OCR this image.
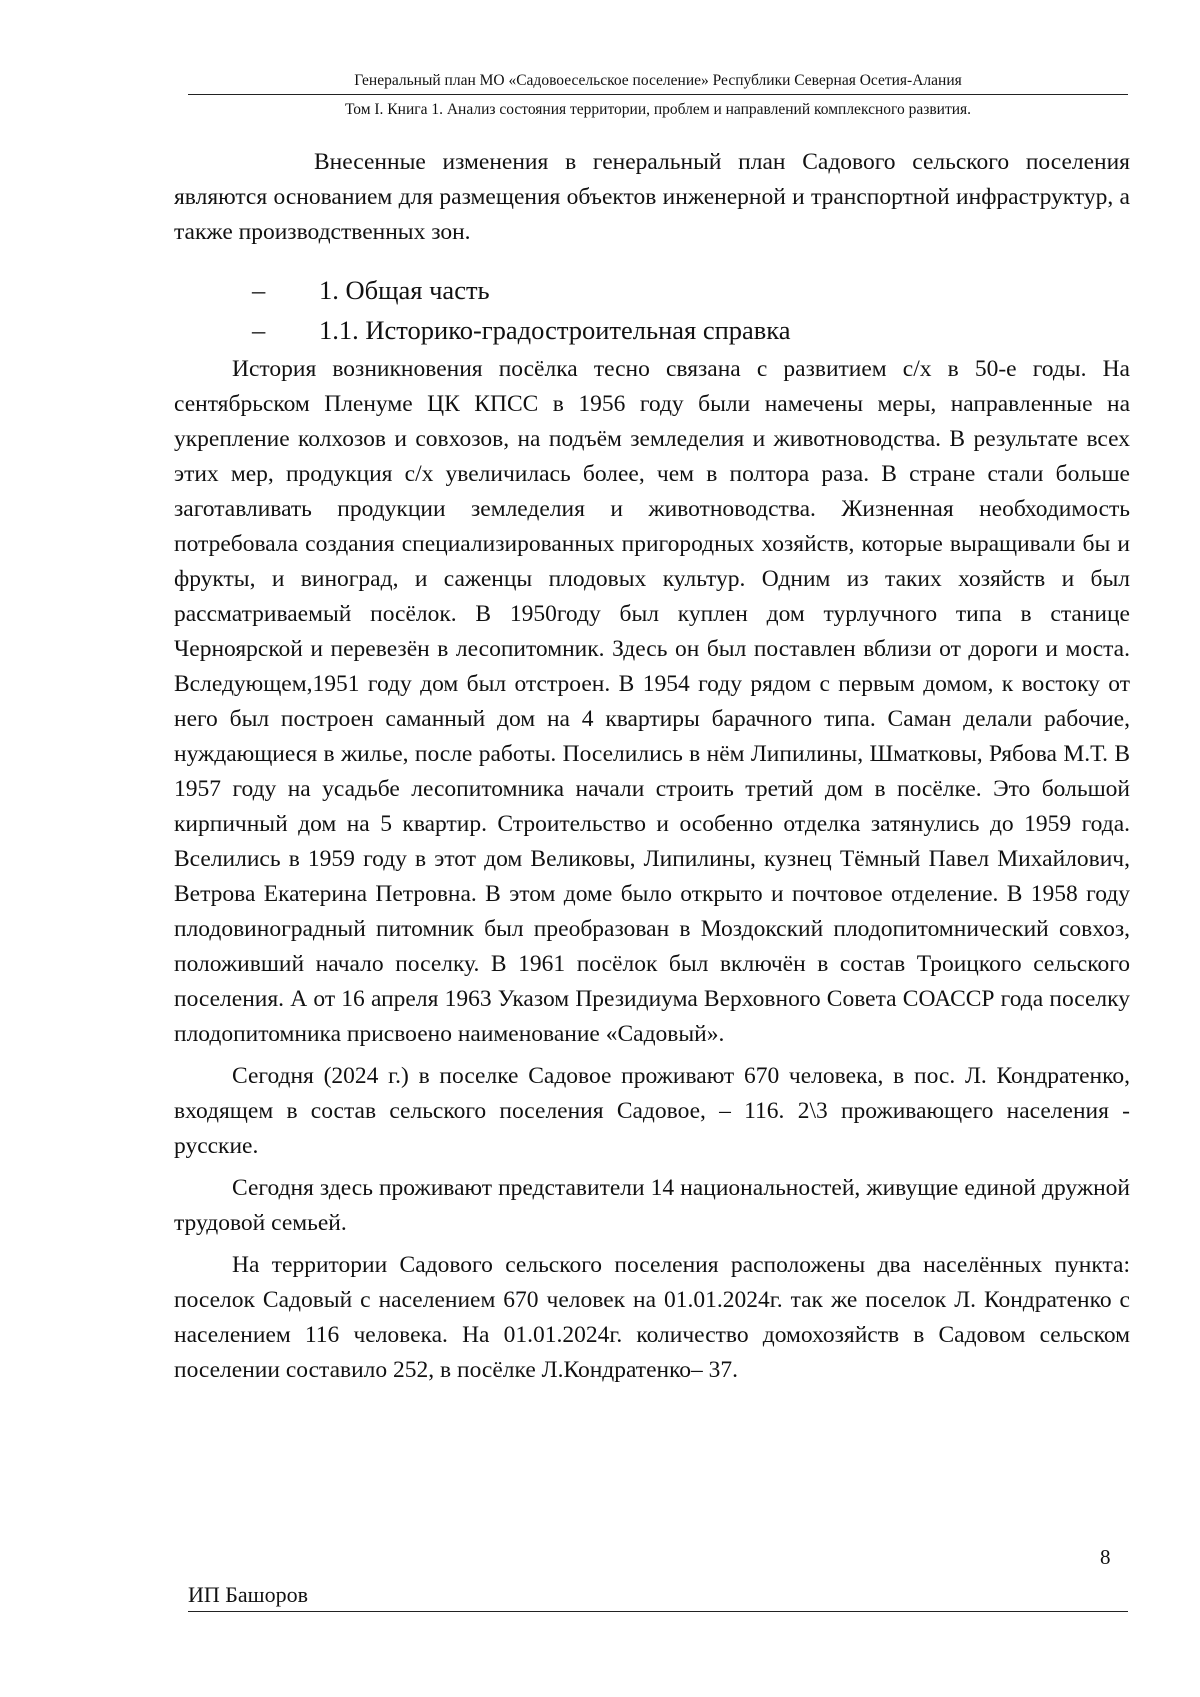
Генеральный план МО «Садовоесельское поселение» Республики Северная Осетия-Алания
Том I. Книга 1. Анализ состояния территории, проблем и направлений комплексного развития.

Внесенные изменения в генеральный план Садового сельского поселения являются основанием для размещения объектов инженерной и транспортной инфраструктур, а также производственных зон.

– 1. Общая часть
– 1.1. Историко-градостроительная справка

История возникновения посёлка тесно связана с развитием с/х в 50-е годы. На сентябрьском Пленуме ЦК КПСС в 1956 году были намечены меры, направленные на укрепление колхозов и совхозов, на подъём земледелия и животноводства. В результате всех этих мер, продукция с/х увеличилась более, чем в полтора раза. В стране стали больше заготавливать продукции земледелия и животноводства. Жизненная необходимость потребовала создания специализированных пригородных хозяйств, которые выращивали бы и фрукты, и виноград, и саженцы плодовых культур. Одним из таких хозяйств и был рассматриваемый посёлок. В 1950году был куплен дом турлучного типа в станице Черноярской и перевезён в лесопитомник. Здесь он был поставлен вблизи от дороги и моста. Вследующем,1951 году дом был отстроен. В 1954 году рядом с первым домом, к востоку от него был построен саманный дом на 4 квартиры барачного типа. Саман делали рабочие, нуждающиеся в жилье, после работы. Поселились в нём Липилины, Шматковы, Рябова М.Т. В 1957 году на усадьбе лесопитомника начали строить третий дом в посёлке. Это большой кирпичный дом на 5 квартир. Строительство и особенно отделка затянулись до 1959 года. Вселились в 1959 году в этот дом Великовы, Липилины, кузнец Тёмный Павел Михайлович, Ветрова Екатерина Петровна. В этом доме было открыто и почтовое отделение. В 1958 году плодовиноградный питомник был преобразован в Моздокский плодопитомнический совхоз, положивший начало поселку. В 1961 посёлок был включён в состав Троицкого сельского поселения. А от 16 апреля 1963 Указом Президиума Верховного Совета СОАССР года поселку плодопитомника присвоено наименование «Садовый».

Сегодня (2024 г.) в поселке Садовое проживают 670 человека, в пос. Л. Кондратенко, входящем в состав сельского поселения Садовое, – 116. 2\3 проживающего населения - русские.

Сегодня здесь проживают представители 14 национальностей, живущие единой дружной трудовой семьей.

На территории Садового сельского поселения расположены два населённых пункта: поселок Садовый с населением 670 человек на 01.01.2024г. так же поселок Л. Кондратенко с населением 116 человека. На 01.01.2024г. количество домохозяйств в Садовом сельском поселении составило 252, в посёлке Л.Кондратенко– 37.

8
ИП Башоров
